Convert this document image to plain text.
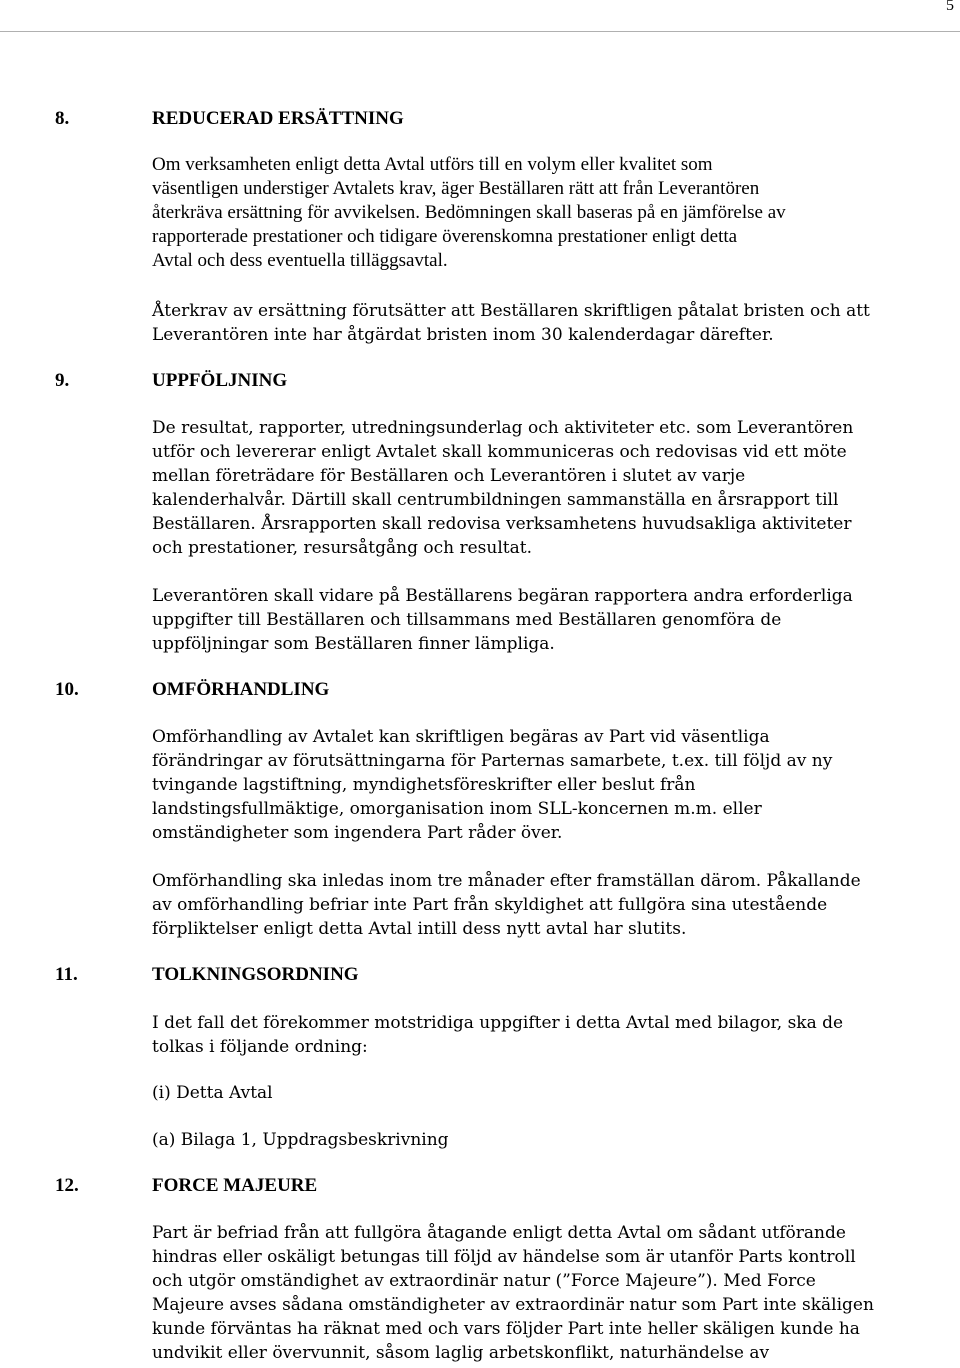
5
8.	REDUCERAD ERSÄTTNING
Om verksamheten enligt detta Avtal utförs till en volym eller kvalitet som
väsentligen understiger Avtalets krav, äger Beställaren rätt att från Leverantören
återkräva ersättning för avvikelsen. Bedömningen skall baseras på en jämförelse av
rapporterade prestationer och tidigare överenskomna prestationer enligt detta
Avtal och dess eventuella tilläggsavtal.
Återkrav av ersättning förutsätter att Beställaren skriftligen påtalat bristen och att
Leverantören inte har åtgärdat bristen inom 30 kalenderdagar därefter.
9.	UPPFÖLJNING
De resultat, rapporter, utredningsunderlag och aktiviteter etc. som Leverantören
utför och levererar enligt Avtalet skall kommuniceras och redovisas vid ett möte
mellan företrädare för Beställaren och Leverantören i slutet av varje
kalenderhalvår. Därtill skall centrumbildningen sammanställa en årsrapport till
Beställaren. Årsrapporten skall redovisa verksamhetens huvudsakliga aktiviteter
och prestationer, resursåtgång och resultat.
Leverantören skall vidare på Beställarens begäran rapportera andra erforderliga
uppgifter till Beställaren och tillsammans med Beställaren genomföra de
uppföljningar som Beställaren finner lämpliga.
10.	OMFÖRHANDLING
Omförhandling av Avtalet kan skriftligen begäras av Part vid väsentliga
förändringar av förutsättningarna för Parternas samarbete, t.ex. till följd av ny
tvingande lagstiftning, myndighetsföreskrifter eller beslut från
landstingsfullmäktige, omorganisation inom SLL-koncernen m.m. eller
omständigheter som ingendera Part råder över.
Omförhandling ska inledas inom tre månader efter framställan därom. Påkallande
av omförhandling befriar inte Part från skyldighet att fullgöra sina utestående
förpliktelser enligt detta Avtal intill dess nytt avtal har slutits.
11.	TOLKNINGSORDNING
I det fall det förekommer motstridiga uppgifter i detta Avtal med bilagor, ska de
tolkas i följande ordning:
(i) Detta Avtal
(a) Bilaga 1, Uppdragsbeskrivning
12.	FORCE MAJEURE
Part är befriad från att fullgöra åtagande enligt detta Avtal om sådant utförande
hindras eller oskäligt betungas till följd av händelse som är utanför Parts kontroll
och utgör omständighet av extraordinär natur (”Force Majeure”). Med Force
Majeure avses sådana omständigheter av extraordinär natur som Part inte skäligen
kunde förväntas ha räknat med och vars följder Part inte heller skäligen kunde ha
undvikit eller övervunnit, såsom laglig arbetskonflikt, naturhändelse av
